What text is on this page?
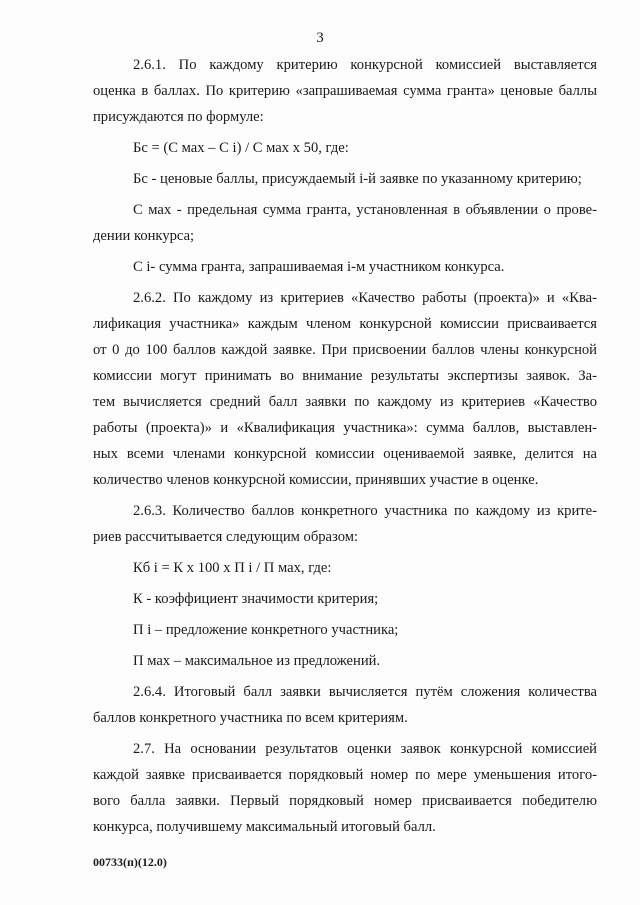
3
2.6.1. По каждому критерию конкурсной комиссией выставляется
оценка в баллах. По критерию «запрашиваемая сумма гранта» ценовые баллы
присуждаются по формуле:
Бс = (С мах – С і) / С мах х 50, где:
Бс - ценовые баллы, присуждаемый і-й заявке по указанному критерию;
С мах - предельная сумма гранта, установленная в объявлении о прове-
дении конкурса;
С і- сумма гранта, запрашиваемая і-м участником конкурса.
2.6.2. По каждому из критериев «Качество работы (проекта)» и «Ква-
лификация участника» каждым членом конкурсной комиссии присваивается
от 0 до 100 баллов каждой заявке. При присвоении баллов члены конкурсной
комиссии могут принимать во внимание результаты экспертизы заявок. За-
тем вычисляется средний балл заявки по каждому из критериев «Качество
работы (проекта)» и «Квалификация участника»: сумма баллов, выставлен-
ных всеми членами конкурсной комиссии оцениваемой заявке, делится на
количество членов конкурсной комиссии, принявших участие в оценке.
2.6.3. Количество баллов конкретного участника по каждому из крите-
риев рассчитывается следующим образом:
Кб і = К х 100 х П і / П мах, где:
К - коэффициент значимости критерия;
П і – предложение конкретного участника;
П мах – максимальное из предложений.
2.6.4. Итоговый балл заявки вычисляется путём сложения количества
баллов конкретного участника по всем критериям.
2.7. На основании результатов оценки заявок конкурсной комиссией
каждой заявке присваивается порядковый номер по мере уменьшения итого-
вого балла заявки. Первый порядковый номер присваивается победителю
конкурса, получившему максимальный итоговый балл.
00733(п)(12.0)
